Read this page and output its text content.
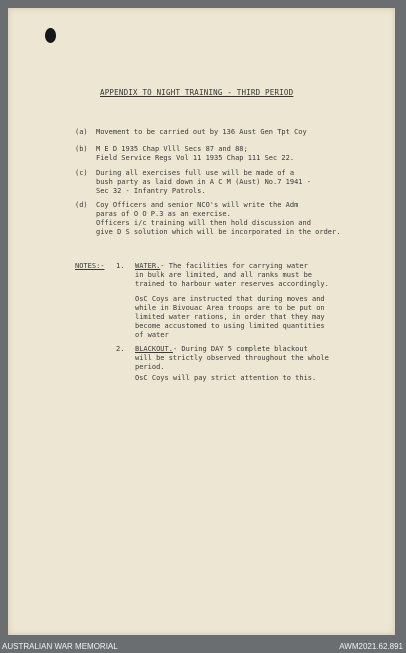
APPENDIX TO NIGHT TRAINING - THIRD PERIOD
(a) Movement to be carried out by 136 Aust Gen Tpt Coy
(b) M E D 1935 Chap Vlll Secs 87 and 88;
Field Service Regs Vol 11 1935 Chap 111 Sec 22.
(c) During all exercises full use will be made of a
bush party as laid down in A C M (Aust) No.7 1941 -
Sec 32 - Infantry Patrols.
(d) Coy Officers and senior NCO's will write the Adm
paras of O O P.3 as an exercise.
Officers i/c training will then hold discussion and
give D S solution which will be incorporated in the order.
NOTES:- 1. WATER.- The facilities for carrying water
in bulk are limited, and all ranks must be
trained to harbour water reserves accordingly.
OsC Coys are instructed that during moves and
while in Bivouac Area troops are to be put on
limited water rations, in order that they may
become accustomed to using limited quantities
of water
2. BLACKOUT.- During DAY 5 complete blackout
will be strictly observed throughout the whole
period.
OsC Coys will pay strict attention to this.
AUSTRALIAN WAR MEMORIAL	AWM2021.62.891
